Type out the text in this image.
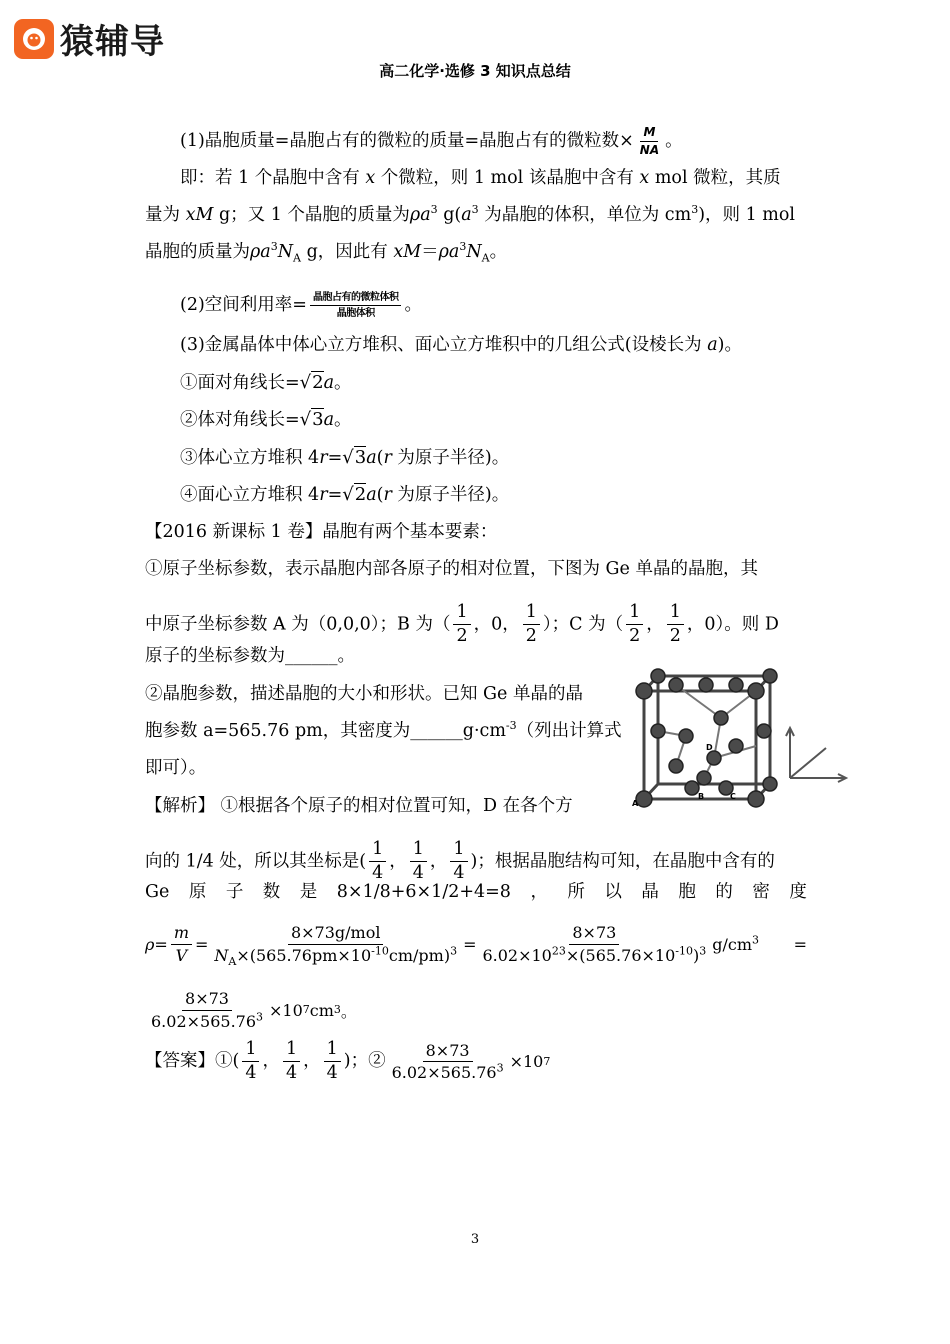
猿辅导
高二化学·选修 3 知识点总结
(1)晶胞质量=晶胞占有的微粒的质量=晶胞占有的微粒数× $\frac{M}{NA}$ 。
即：若 1 个晶胞中含有 x 个微粒，则 1 mol 该晶胞中含有 x mol 微粒，其质
量为 xM g；又 1 个晶胞的质量为$\rho a^3$ $g(a^3$ 为晶胞的体积，单位为 $cm^3$)，则 1 mol
晶胞的质量为$\rho a^3N_A$ g，因此有 $xM=\rho a^3N_A$。
(2)空间利用率= $\frac{\text{晶胞占有的微粒体积}}{\text{晶胞体积}}$ 。
(3)金属晶体中体心立方堆积、面心立方堆积中的几组公式(设棱长为 a)。
①面对角线长=√2a。
②体对角线长=√3a。
③体心立方堆积 4r=√3a(r 为原子半径)。
④面心立方堆积 4r=√2a(r 为原子半径)。
【2016 新课标 1 卷】晶胞有两个基本要素：
①原子坐标参数，表示晶胞内部各原子的相对位置，下图为 Ge 单晶的晶胞，其
中原子坐标参数 A 为（0,0,0）；B 为（ $\frac{1}{2}$ ，0， $\frac{1}{2}$ ）；C 为（ $\frac{1}{2}$ ， $\frac{1}{2}$ ，0）。则 D
原子的坐标参数为______。
②晶胞参数，描述晶胞的大小和形状。已知 Ge 单晶的晶
胞参数 a=565.76 pm，其密度为$\_\_\_\_\_\_g\cdot cm^{-3}$（列出计算式
即可）。
A
B	C
D
【解析】 ①根据各个原子的相对位置可知，D 在各个方
向的 1/4 处，所以其坐标是( $\frac{1}{4}$ ， $\frac{1}{4}$ ， $\frac{1}{4}$ )；根据晶胞结构可知，在晶胞中含有的
Ge 原 子 数 是 8×1/8+6×1/2+4=8 ， 所 以 晶 胞 的 密 度
$\rho = \frac{m}{V} = \frac{\text{8×73g/mol}}{N_A\times(565.76pm\times 10^{-10}cm/pm)^3} = \frac{8\times 73}{6.02\times 10^{23}\times(565.76\times 10^{-10})^3} g/cm^3$ =
$\frac{8\times 73}{6.02\times 565.76^3} \times 10$ 7 cm 3 。
【答案】①( $\frac{1}{4}$ ， $\frac{1}{4}$ ， $\frac{1}{4}$ )；② $\frac{8\times 73}{6.02\times 565.76^3} \times 10$ 7
3
